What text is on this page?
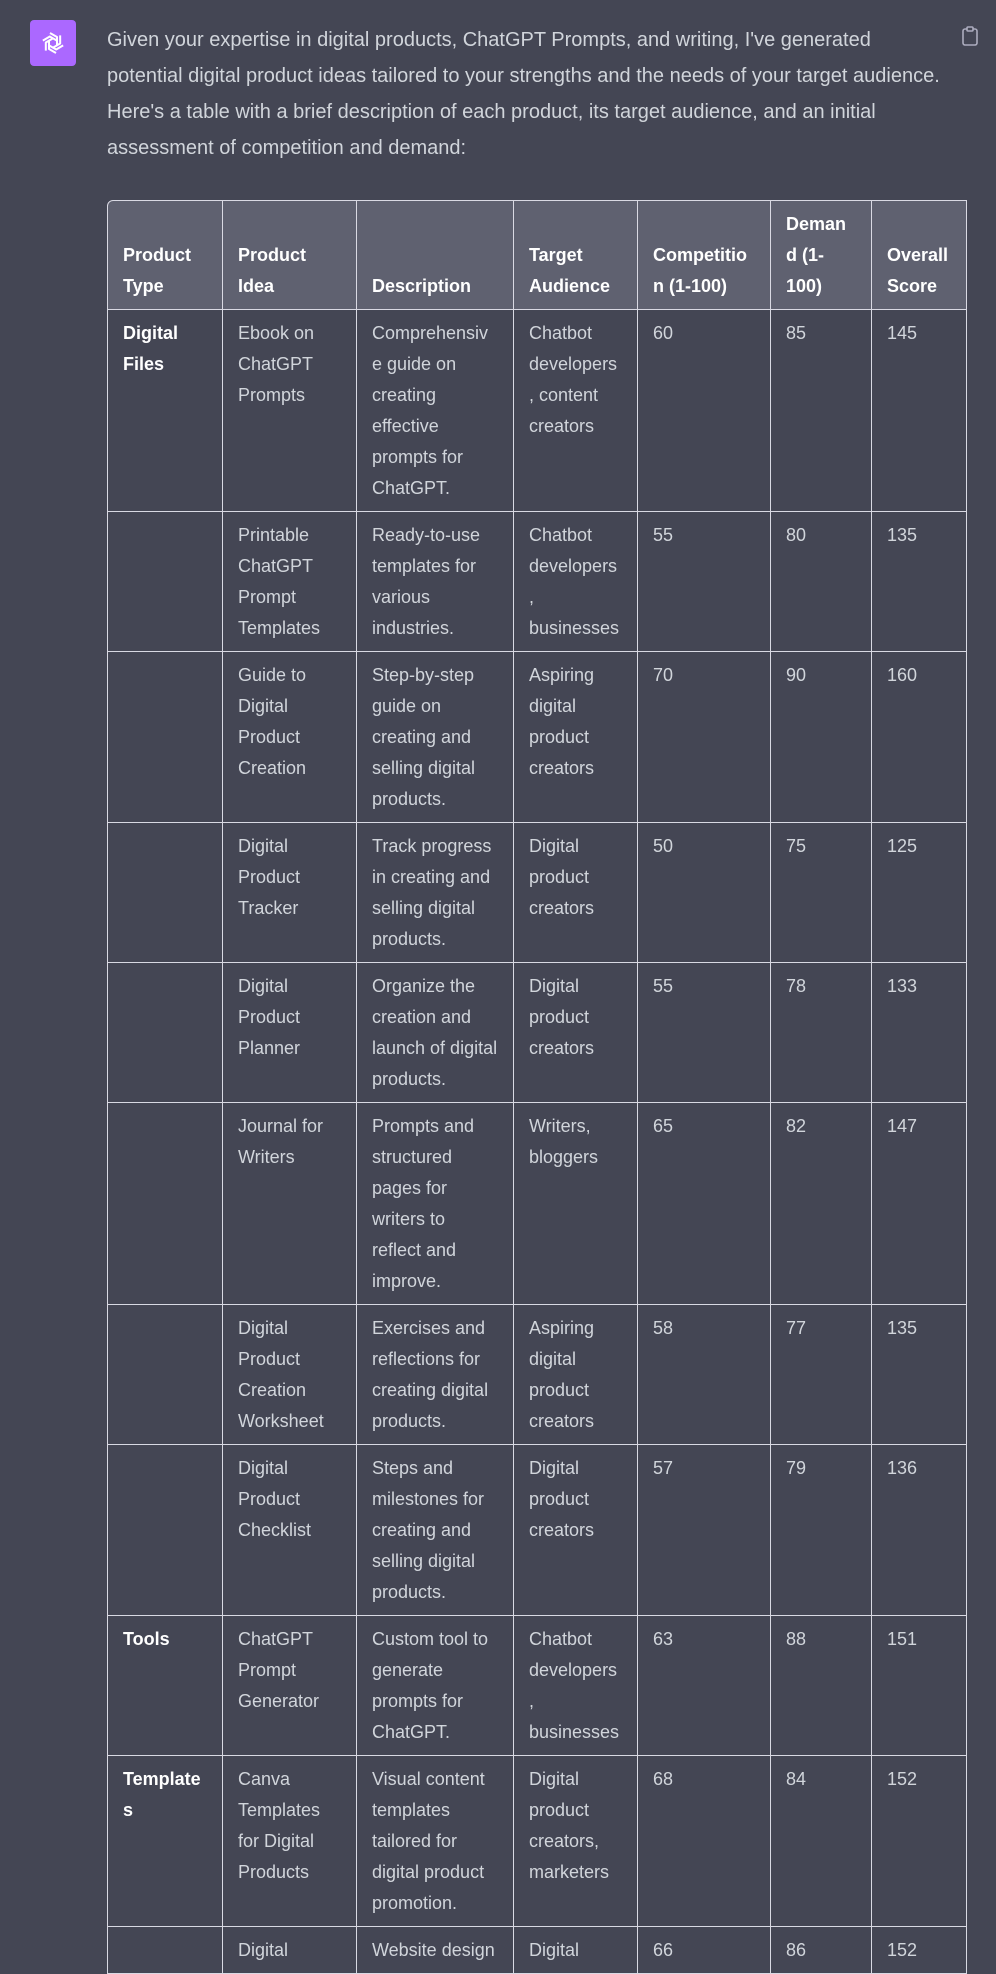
Given your expertise in digital products, ChatGPT Prompts, and writing, I've generated potential digital product ideas tailored to your strengths and the needs of your target audience. Here's a table with a brief description of each product, its target audience, and an initial assessment of competition and demand:

Product Type	Product Idea	Description	Target Audience	Competition (1-100)	Demand (1-100)	Overall Score
Digital Files	Ebook on ChatGPT Prompts	Comprehensive guide on creating effective prompts for ChatGPT.	Chatbot developers, content creators	60	85	145
	Printable ChatGPT Prompt Templates	Ready-to-use templates for various industries.	Chatbot developers, businesses	55	80	135
	Guide to Digital Product Creation	Step-by-step guide on creating and selling digital products.	Aspiring digital product creators	70	90	160
	Digital Product Tracker	Track progress in creating and selling digital products.	Digital product creators	50	75	125
	Digital Product Planner	Organize the creation and launch of digital products.	Digital product creators	55	78	133
	Journal for Writers	Prompts and structured pages for writers to reflect and improve.	Writers, bloggers	65	82	147
	Digital Product Creation Worksheet	Exercises and reflections for creating digital products.	Aspiring digital product creators	58	77	135
	Digital Product Checklist	Steps and milestones for creating and selling digital products.	Digital product creators	57	79	136
Tools	ChatGPT Prompt Generator	Custom tool to generate prompts for ChatGPT.	Chatbot developers, businesses	63	88	151
Templates	Canva Templates for Digital Products	Visual content templates tailored for digital product promotion.	Digital product creators, marketers	68	84	152
	Digital	Website design	Digital	66	86	152
